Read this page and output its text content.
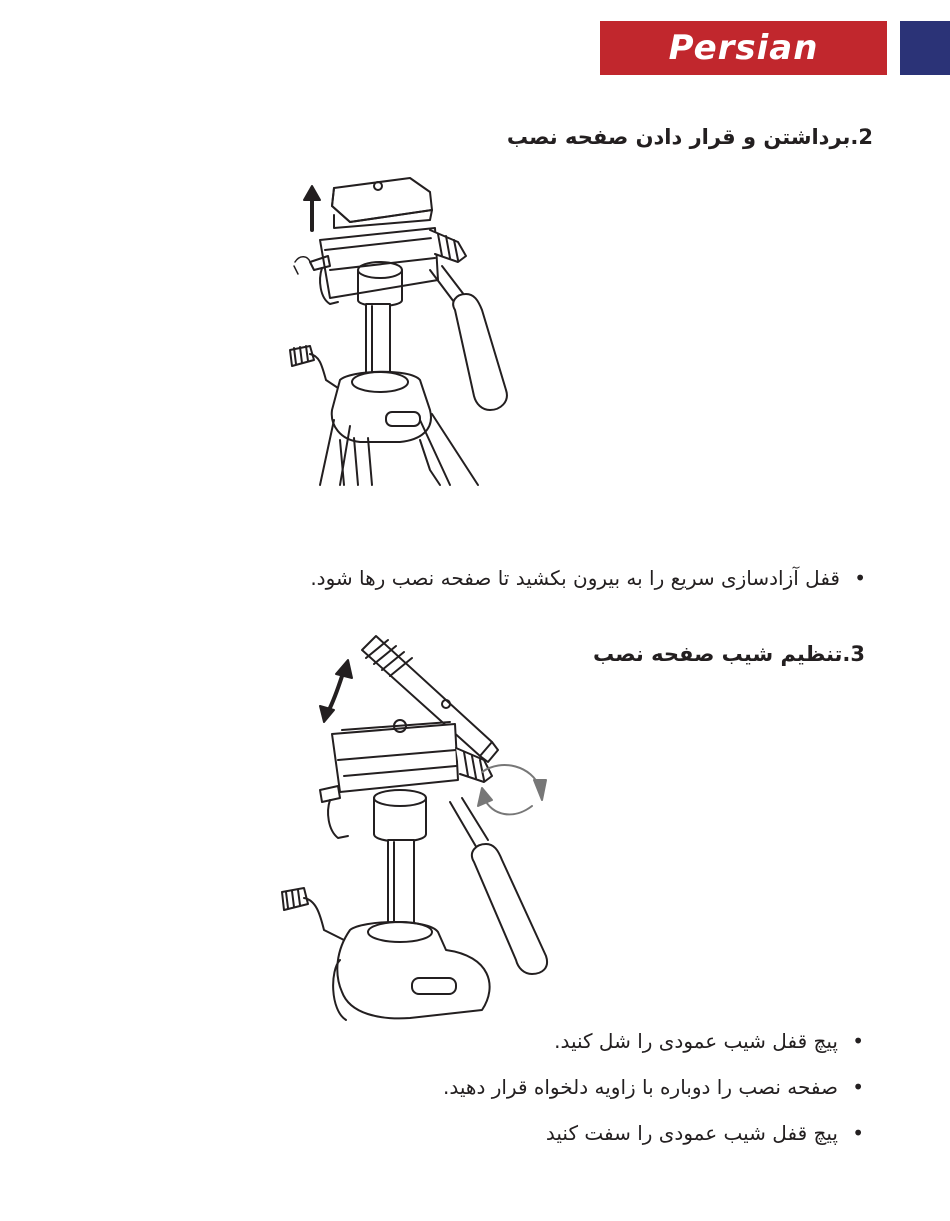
Persian
2.برداشتن و قرار دادن صفحه نصب
•
قفل آزادسازی سریع را به بیرون بکشید تا صفحه نصب رها شود.
3.تنظیم شیب صفحه نصب
•
پیچ قفل شیب عمودی را شل کنید.
•
صفحه نصب را دوباره با زاویه دلخواه قرار دهید.
•
پیچ قفل شیب عمودی را سفت کنید
